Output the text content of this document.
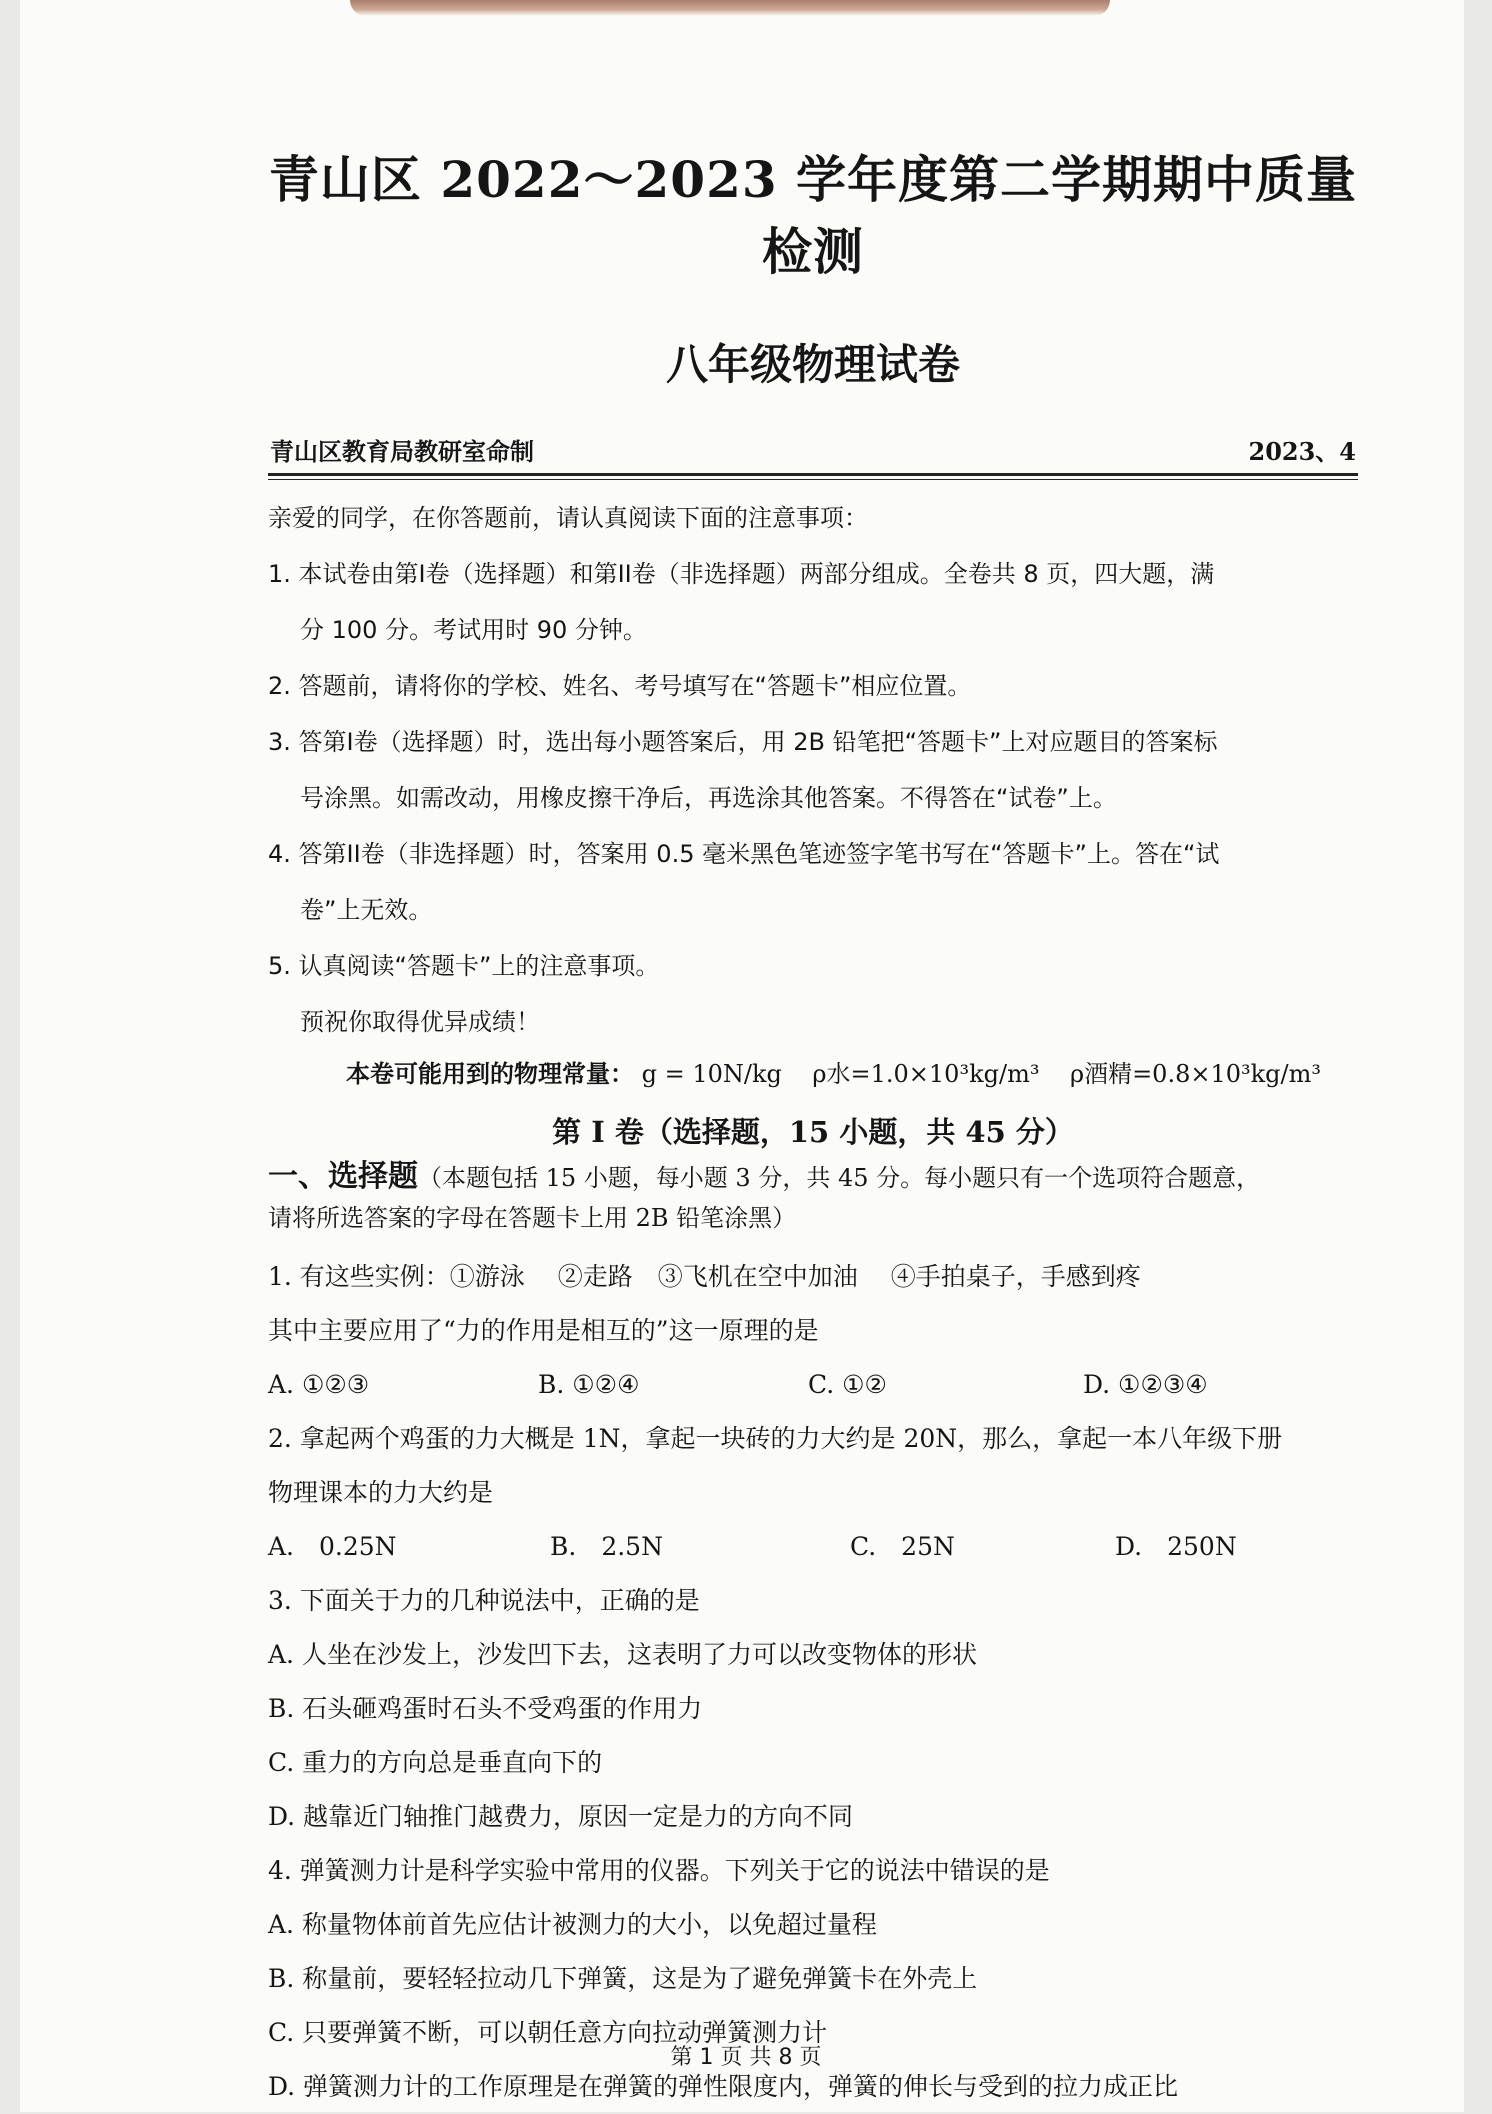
青山区 2022～2023 学年度第二学期期中质量检测
八年级物理试卷
青山区教育局教研室命制	2023、4

亲爱的同学，在你答题前，请认真阅读下面的注意事项：

1. 本试卷由第I卷（选择题）和第II卷（非选择题）两部分组成。全卷共 8 页，四大题，满

分 100 分。考试用时 90 分钟。

2. 答题前，请将你的学校、姓名、考号填写在“答题卡”相应位置。

3. 答第I卷（选择题）时，选出每小题答案后，用 2B 铅笔把“答题卡”上对应题目的答案标

号涂黑。如需改动，用橡皮擦干净后，再选涂其他答案。不得答在“试卷”上。

4. 答第II卷（非选择题）时，答案用 0.5 毫米黑色笔迹签字笔书写在“答题卡”上。答在“试

卷”上无效。

5. 认真阅读“答题卡”上的注意事项。

预祝你取得优异成绩！

本卷可能用到的物理常量： g = 10N/kg ρ水=1.0×10³kg/m³ ρ酒精=0.8×10³kg/m³
第 I 卷（选择题，15 小题，共 45 分）
一、选择题（本题包括 15 小题，每小题 3 分，共 45 分。每小题只有一个选项符合题意，
请将所选答案的字母在答题卡上用 2B 铅笔涂黑）

1. 有这些实例：①游泳　 ②走路　③飞机在空中加油　 ④手拍桌子，手感到疼

其中主要应用了“力的作用是相互的”这一原理的是

A. ①②③	B. ①②④	C. ①②	D. ①②③④

2. 拿起两个鸡蛋的力大概是 1N，拿起一块砖的力大约是 20N，那么，拿起一本八年级下册

物理课本的力大约是

A.　0.25N	B.　2.5N	C.　25N	D.　250N

3. 下面关于力的几种说法中，正确的是

A. 人坐在沙发上，沙发凹下去，这表明了力可以改变物体的形状

B. 石头砸鸡蛋时石头不受鸡蛋的作用力

C. 重力的方向总是垂直向下的

D. 越靠近门轴推门越费力，原因一定是力的方向不同

4. 弹簧测力计是科学实验中常用的仪器。下列关于它的说法中错误的是

A. 称量物体前首先应估计被测力的大小，以免超过量程

B. 称量前，要轻轻拉动几下弹簧，这是为了避免弹簧卡在外壳上

C. 只要弹簧不断，可以朝任意方向拉动弹簧测力计

D. 弹簧测力计的工作原理是在弹簧的弹性限度内，弹簧的伸长与受到的拉力成正比

第 1 页 共 8 页
